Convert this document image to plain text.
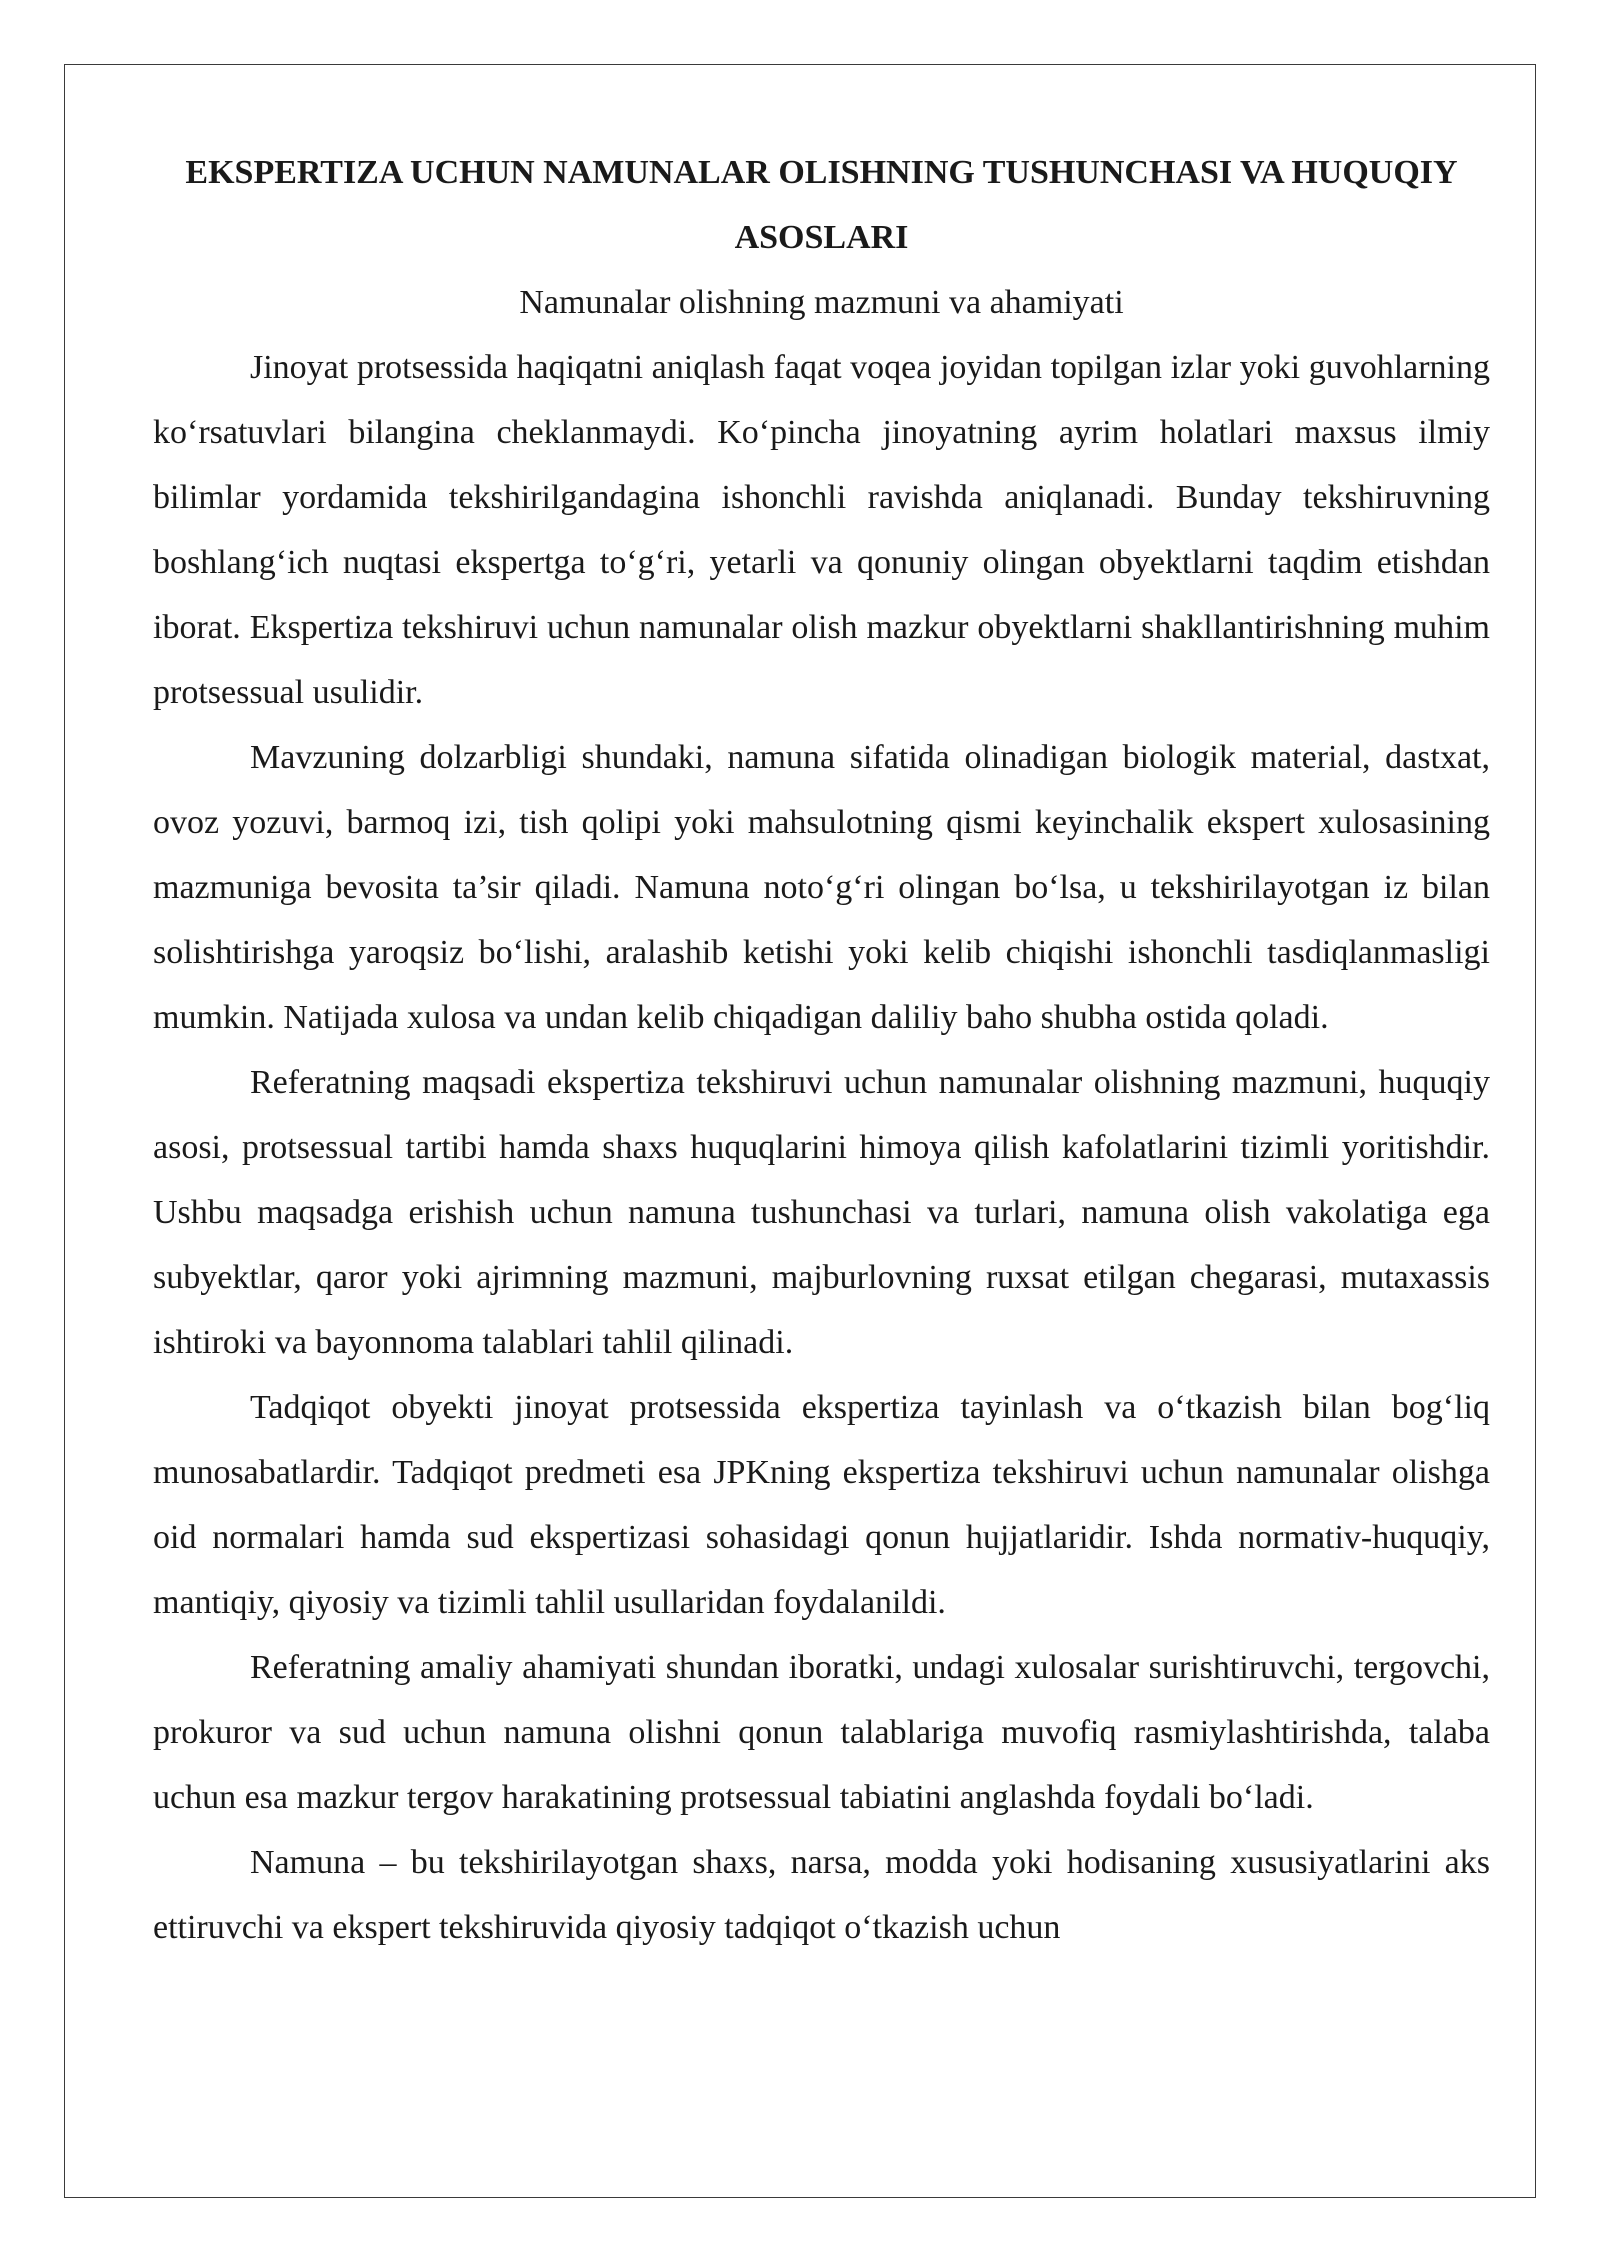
EKSPERTIZA UCHUN NAMUNALAR OLISHNING TUSHUNCHASI VA HUQUQIY ASOSLARI

Namunalar olishning mazmuni va ahamiyati

Jinoyat protsessida haqiqatni aniqlash faqat voqea joyidan topilgan izlar yoki guvohlarning ko‘rsatuvlari bilangina cheklanmaydi. Ko‘pincha jinoyatning ayrim holatlari maxsus ilmiy bilimlar yordamida tekshirilgandagina ishonchli ravishda aniqlanadi. Bunday tekshiruvning boshlang‘ich nuqtasi ekspertga to‘g‘ri, yetarli va qonuniy olingan obyektlarni taqdim etishdan iborat. Ekspertiza tekshiruvi uchun namunalar olish mazkur obyektlarni shakllantirishning muhim protsessual usulidir.

Mavzuning dolzarbligi shundaki, namuna sifatida olinadigan biologik material, dastxat, ovoz yozuvi, barmoq izi, tish qolipi yoki mahsulotning qismi keyinchalik ekspert xulosasining mazmuniga bevosita ta’sir qiladi. Namuna noto‘g‘ri olingan bo‘lsa, u tekshirilayotgan iz bilan solishtirishga yaroqsiz bo‘lishi, aralashib ketishi yoki kelib chiqishi ishonchli tasdiqlanmasligi mumkin. Natijada xulosa va undan kelib chiqadigan daliliy baho shubha ostida qoladi.

Referatning maqsadi ekspertiza tekshiruvi uchun namunalar olishning mazmuni, huquqiy asosi, protsessual tartibi hamda shaxs huquqlarini himoya qilish kafolatlarini tizimli yoritishdir. Ushbu maqsadga erishish uchun namuna tushunchasi va turlari, namuna olish vakolatiga ega subyektlar, qaror yoki ajrimning mazmuni, majburlovning ruxsat etilgan chegarasi, mutaxassis ishtiroki va bayonnoma talablari tahlil qilinadi.

Tadqiqot obyekti jinoyat protsessida ekspertiza tayinlash va o‘tkazish bilan bog‘liq munosabatlardir. Tadqiqot predmeti esa JPKning ekspertiza tekshiruvi uchun namunalar olishga oid normalari hamda sud ekspertizasi sohasidagi qonun hujjatlaridir. Ishda normativ-huquqiy, mantiqiy, qiyosiy va tizimli tahlil usullaridan foydalanildi.

Referatning amaliy ahamiyati shundan iboratki, undagi xulosalar surishtiruvchi, tergovchi, prokuror va sud uchun namuna olishni qonun talablariga muvofiq rasmiylashtirishda, talaba uchun esa mazkur tergov harakatining protsessual tabiatini anglashda foydali bo‘ladi.

Namuna – bu tekshirilayotgan shaxs, narsa, modda yoki hodisaning xususiyatlarini aks ettiruvchi va ekspert tekshiruvida qiyosiy tadqiqot o‘tkazish uchun
